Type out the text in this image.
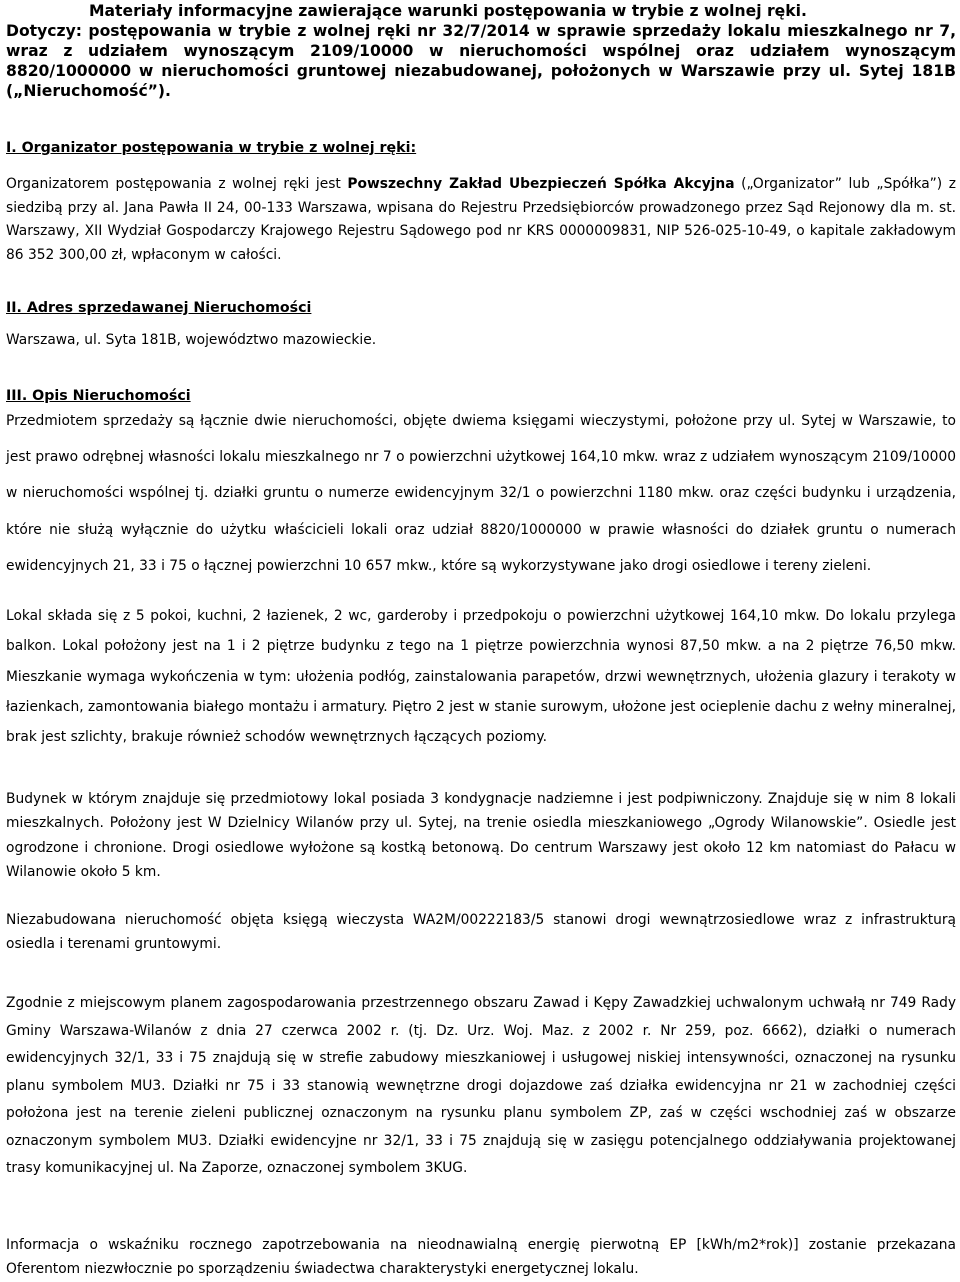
Materiały informacyjne zawierające warunki postępowania w trybie z wolnej ręki.
Dotyczy: postępowania w trybie z wolnej ręki nr 32/7/2014 w sprawie sprzedaży lokalu mieszkalnego nr 7, wraz z udziałem wynoszącym 2109/10000 w nieruchomości wspólnej oraz udziałem wynoszącym 8820/1000000 w nieruchomości gruntowej niezabudowanej, położonych w Warszawie przy ul. Sytej 181B („Nieruchomość”).

I. Organizator postępowania w trybie z wolnej ręki:

Organizatorem postępowania z wolnej ręki jest Powszechny Zakład Ubezpieczeń Spółka Akcyjna („Organizator” lub „Spółka”) z siedzibą przy al. Jana Pawła II 24, 00-133 Warszawa, wpisana do Rejestru Przedsiębiorców prowadzonego przez Sąd Rejonowy dla m. st. Warszawy, XII Wydział Gospodarczy Krajowego Rejestru Sądowego pod nr KRS 0000009831, NIP 526-025-10-49, o kapitale zakładowym 86 352 300,00 zł, wpłaconym w całości.

II. Adres sprzedawanej Nieruchomości

Warszawa, ul. Syta 181B, województwo mazowieckie.

III. Opis Nieruchomości

Przedmiotem sprzedaży są łącznie dwie nieruchomości, objęte dwiema księgami wieczystymi, położone przy ul. Sytej w Warszawie, to jest prawo odrębnej własności lokalu mieszkalnego nr 7 o powierzchni użytkowej 164,10 mkw. wraz z udziałem wynoszącym 2109/10000 w nieruchomości wspólnej tj. działki gruntu o numerze ewidencyjnym 32/1 o powierzchni 1180 mkw. oraz części budynku i urządzenia, które nie służą wyłącznie do użytku właścicieli lokali oraz udział 8820/1000000 w prawie własności do działek gruntu o numerach ewidencyjnych 21, 33 i 75 o łącznej powierzchni 10 657 mkw., które są wykorzystywane jako drogi osiedlowe i tereny zieleni.

Lokal składa się z 5 pokoi, kuchni, 2 łazienek, 2 wc, garderoby i przedpokoju o powierzchni użytkowej 164,10 mkw. Do lokalu przylega balkon. Lokal położony jest na 1 i 2 piętrze budynku z tego na 1 piętrze powierzchnia wynosi 87,50 mkw. a na 2 piętrze 76,50 mkw. Mieszkanie wymaga wykończenia w tym: ułożenia podłóg, zainstalowania parapetów, drzwi wewnętrznych, ułożenia glazury i terakoty w łazienkach, zamontowania białego montażu i armatury. Piętro 2 jest w stanie surowym, ułożone jest ocieplenie dachu z wełny mineralnej, brak jest szlichty, brakuje również schodów wewnętrznych łączących poziomy.

Budynek w którym znajduje się przedmiotowy lokal posiada 3 kondygnacje nadziemne i jest podpiwniczony. Znajduje się w nim 8 lokali mieszkalnych. Położony jest W Dzielnicy Wilanów przy ul. Sytej, na trenie osiedla mieszkaniowego „Ogrody Wilanowskie”. Osiedle jest ogrodzone i chronione. Drogi osiedlowe wyłożone są kostką betonową. Do centrum Warszawy jest około 12 km natomiast do Pałacu w Wilanowie około 5 km.

Niezabudowana nieruchomość objęta księgą wieczysta WA2M/00222183/5 stanowi drogi wewnątrzosiedlowe wraz z infrastrukturą osiedla i terenami gruntowymi.

Zgodnie z miejscowym planem zagospodarowania przestrzennego obszaru Zawad i Kępy Zawadzkiej uchwalonym uchwałą nr 749 Rady Gminy Warszawa-Wilanów z dnia 27 czerwca 2002 r. (tj. Dz. Urz. Woj. Maz. z 2002 r. Nr 259, poz. 6662), działki o numerach ewidencyjnych 32/1, 33 i 75 znajdują się w strefie zabudowy mieszkaniowej i usługowej niskiej intensywności, oznaczonej na rysunku planu symbolem MU3. Działki nr 75 i 33 stanowią wewnętrzne drogi dojazdowe zaś działka ewidencyjna nr 21 w zachodniej części położona jest na terenie zieleni publicznej oznaczonym na rysunku planu symbolem ZP, zaś w części wschodniej zaś w obszarze oznaczonym symbolem MU3. Działki ewidencyjne nr 32/1, 33 i 75 znajdują się w zasięgu potencjalnego oddziaływania projektowanej trasy komunikacyjnej ul. Na Zaporze, oznaczonej symbolem 3KUG.

Informacja o wskaźniku rocznego zapotrzebowania na nieodnawialną energię pierwotną EP [kWh/m2*rok)] zostanie przekazana Oferentom niezwłocznie po sporządzeniu świadectwa charakterystyki energetycznej lokalu.
